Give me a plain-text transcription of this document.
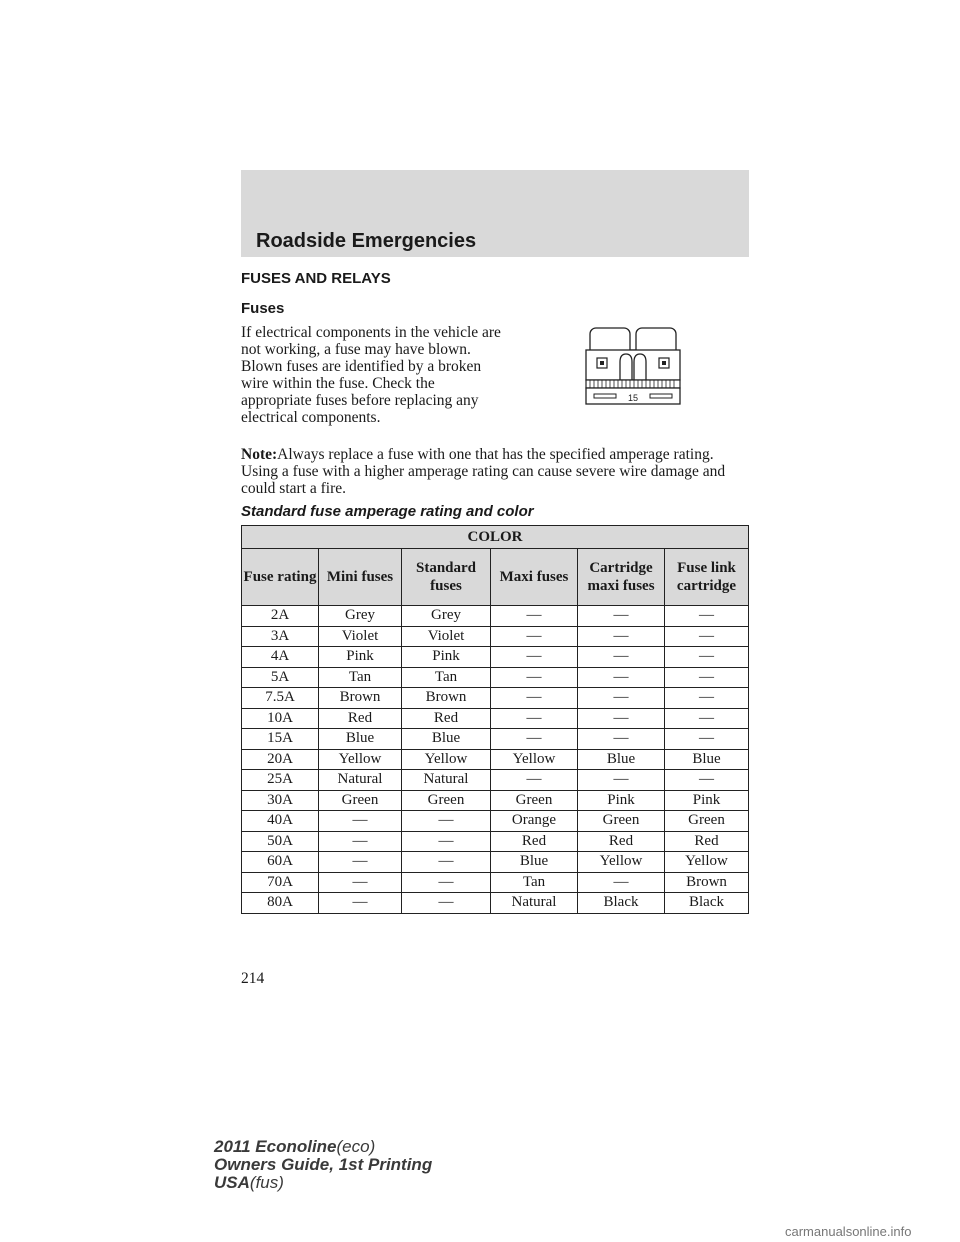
Roadside Emergencies
FUSES AND RELAYS
Fuses
If electrical components in the vehicle are not working, a fuse may have blown. Blown fuses are identified by a broken wire within the fuse. Check the appropriate fuses before replacing any electrical components.
15
Note:Always replace a fuse with one that has the specified amperage rating. Using a fuse with a higher amperage rating can cause severe wire damage and could start a fire.
Standard fuse amperage rating and color
COLOR					
Fuse rating	Mini fuses	Standard fuses	Maxi fuses	Cartridge maxi fuses	Fuse link cartridge
2A	Grey	Grey	—	—	—
3A	Violet	Violet	—	—	—
4A	Pink	Pink	—	—	—
5A	Tan	Tan	—	—	—
7.5A	Brown	Brown	—	—	—
10A	Red	Red	—	—	—
15A	Blue	Blue	—	—	—
20A	Yellow	Yellow	Yellow	Blue	Blue
25A	Natural	Natural	—	—	—
30A	Green	Green	Green	Pink	Pink
40A	—	—	Orange	Green	Green
50A	—	—	Red	Red	Red
60A	—	—	Blue	Yellow	Yellow
70A	—	—	Tan	—	Brown
80A	—	—	Natural	Black	Black
214
2011 Econoline(eco)
Owners Guide, 1st Printing
USA(fus)
carmanualsonline.info
